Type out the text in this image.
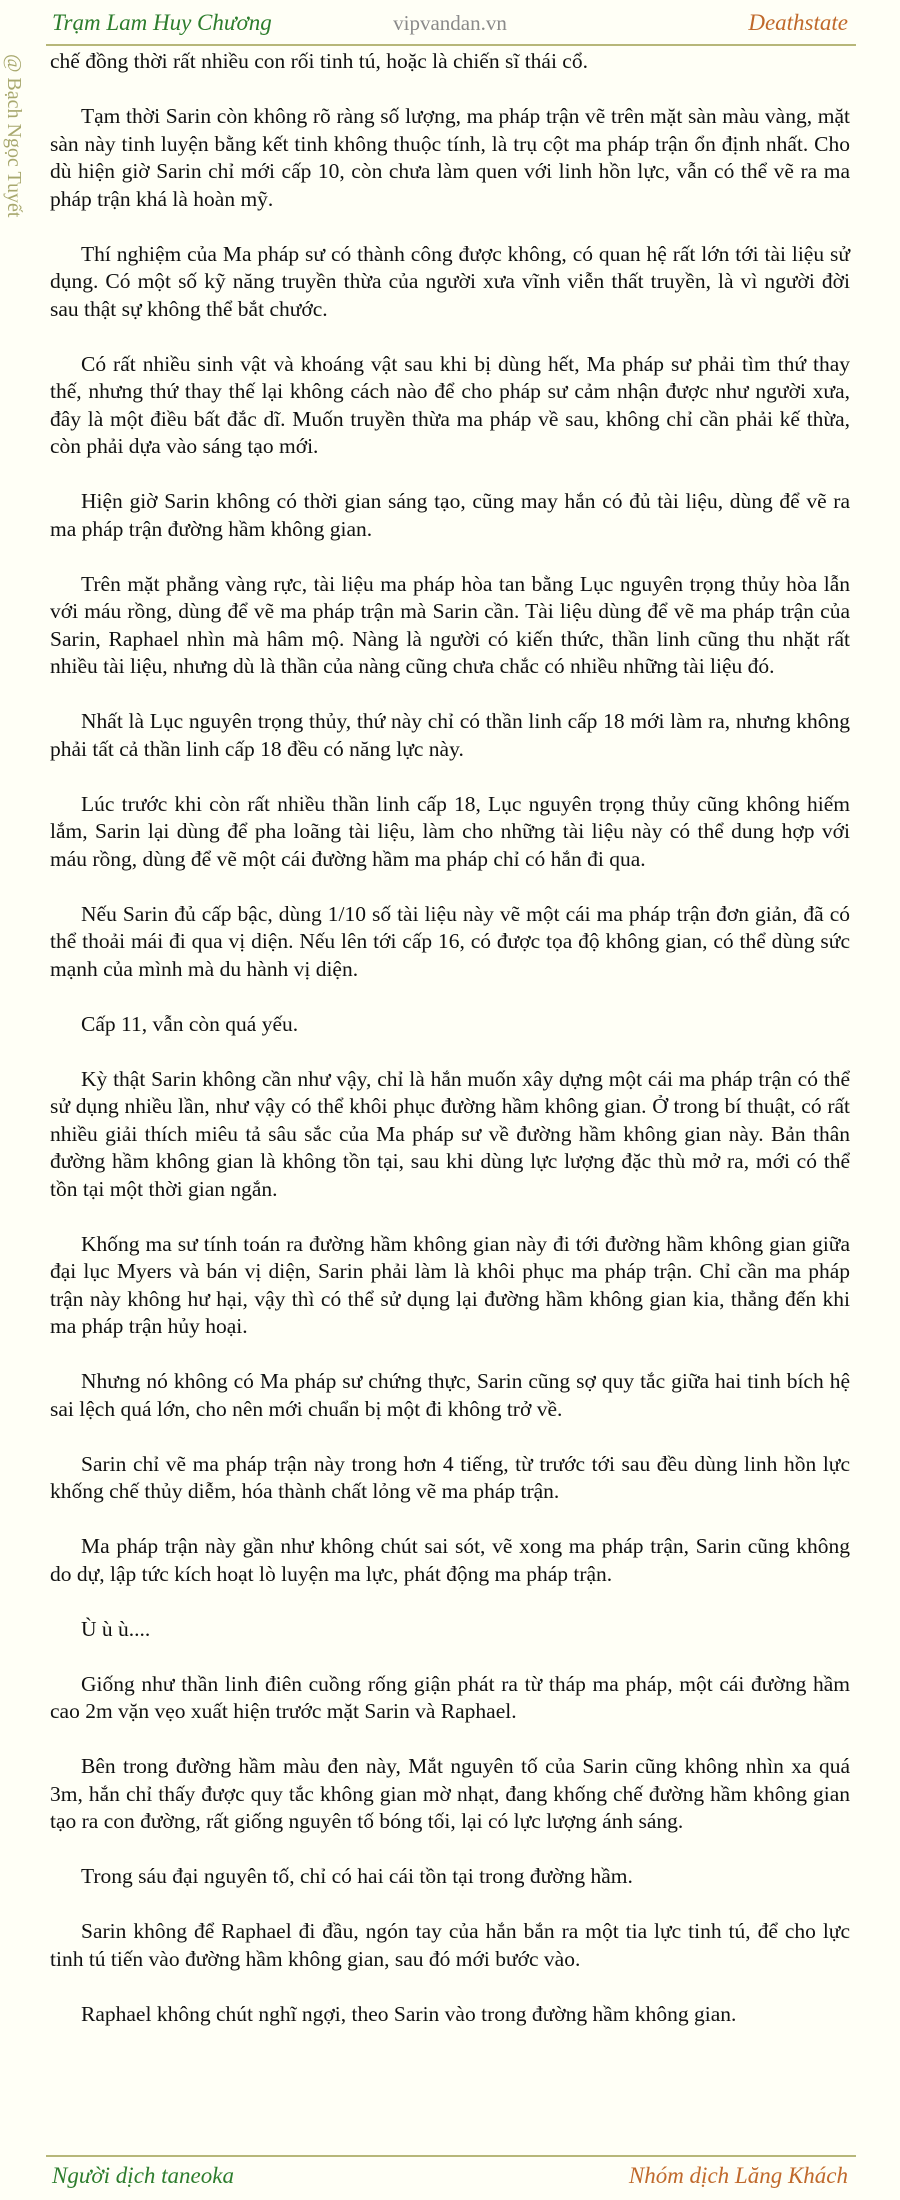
Trạm Lam Huy Chương	vipvandan.vn	Deathstate
@ Bạch Ngọc Tuyết chế đồng thời rất nhiều con rối tinh tú, hoặc là chiến sĩ thái cổ.

Tạm thời Sarin còn không rõ ràng số lượng, ma pháp trận vẽ trên mặt sàn màu vàng, mặt sàn này tinh luyện bằng kết tinh không thuộc tính, là trụ cột ma pháp trận ổn định nhất. Cho dù hiện giờ Sarin chỉ mới cấp 10, còn chưa làm quen với linh hồn lực, vẫn có thể vẽ ra ma pháp trận khá là hoàn mỹ.

Thí nghiệm của Ma pháp sư có thành công được không, có quan hệ rất lớn tới tài liệu sử dụng. Có một số kỹ năng truyền thừa của người xưa vĩnh viễn thất truyền, là vì người đời sau thật sự không thể bắt chước.

Có rất nhiều sinh vật và khoáng vật sau khi bị dùng hết, Ma pháp sư phải tìm thứ thay thế, nhưng thứ thay thế lại không cách nào để cho pháp sư cảm nhận được như người xưa, đây là một điều bất đắc dĩ. Muốn truyền thừa ma pháp về sau, không chỉ cần phải kế thừa, còn phải dựa vào sáng tạo mới.

Hiện giờ Sarin không có thời gian sáng tạo, cũng may hắn có đủ tài liệu, dùng để vẽ ra ma pháp trận đường hầm không gian.

Trên mặt phẳng vàng rực, tài liệu ma pháp hòa tan bằng Lục nguyên trọng thủy hòa lẫn với máu rồng, dùng để vẽ ma pháp trận mà Sarin cần. Tài liệu dùng để vẽ ma pháp trận của Sarin, Raphael nhìn mà hâm mộ. Nàng là người có kiến thức, thần linh cũng thu nhặt rất nhiều tài liệu, nhưng dù là thần của nàng cũng chưa chắc có nhiều những tài liệu đó.

Nhất là Lục nguyên trọng thủy, thứ này chỉ có thần linh cấp 18 mới làm ra, nhưng không phải tất cả thần linh cấp 18 đều có năng lực này.

Lúc trước khi còn rất nhiều thần linh cấp 18, Lục nguyên trọng thủy cũng không hiếm lắm, Sarin lại dùng để pha loãng tài liệu, làm cho những tài liệu này có thể dung hợp với máu rồng, dùng để vẽ một cái đường hầm ma pháp chỉ có hắn đi qua.

Nếu Sarin đủ cấp bậc, dùng 1/10 số tài liệu này vẽ một cái ma pháp trận đơn giản, đã có thể thoải mái đi qua vị diện. Nếu lên tới cấp 16, có được tọa độ không gian, có thể dùng sức mạnh của mình mà du hành vị diện.

Cấp 11, vẫn còn quá yếu.

Kỳ thật Sarin không cần như vậy, chỉ là hắn muốn xây dựng một cái ma pháp trận có thể sử dụng nhiều lần, như vậy có thể khôi phục đường hầm không gian. Ở trong bí thuật, có rất nhiều giải thích miêu tả sâu sắc của Ma pháp sư về đường hầm không gian này. Bản thân đường hầm không gian là không tồn tại, sau khi dùng lực lượng đặc thù mở ra, mới có thể tồn tại một thời gian ngắn.

Khống ma sư tính toán ra đường hầm không gian này đi tới đường hầm không gian giữa đại lục Myers và bán vị diện, Sarin phải làm là khôi phục ma pháp trận. Chỉ cần ma pháp trận này không hư hại, vậy thì có thể sử dụng lại đường hầm không gian kia, thẳng đến khi ma pháp trận hủy hoại.

Nhưng nó không có Ma pháp sư chứng thực, Sarin cũng sợ quy tắc giữa hai tinh bích hệ sai lệch quá lớn, cho nên mới chuẩn bị một đi không trở về.

Sarin chỉ vẽ ma pháp trận này trong hơn 4 tiếng, từ trước tới sau đều dùng linh hồn lực khống chế thủy diễm, hóa thành chất lỏng vẽ ma pháp trận.

Ma pháp trận này gần như không chút sai sót, vẽ xong ma pháp trận, Sarin cũng không do dự, lập tức kích hoạt lò luyện ma lực, phát động ma pháp trận.

Ù ù ù....

Giống như thần linh điên cuồng rống giận phát ra từ tháp ma pháp, một cái đường hầm cao 2m vặn vẹo xuất hiện trước mặt Sarin và Raphael.

Bên trong đường hầm màu đen này, Mắt nguyên tố của Sarin cũng không nhìn xa quá 3m, hắn chỉ thấy được quy tắc không gian mờ nhạt, đang khống chế đường hầm không gian tạo ra con đường, rất giống nguyên tố bóng tối, lại có lực lượng ánh sáng.

Trong sáu đại nguyên tố, chỉ có hai cái tồn tại trong đường hầm.

Sarin không để Raphael đi đầu, ngón tay của hắn bắn ra một tia lực tinh tú, để cho lực tinh tú tiến vào đường hầm không gian, sau đó mới bước vào.

Raphael không chút nghĩ ngợi, theo Sarin vào trong đường hầm không gian.

Người dịch taneoka	Nhóm dịch Lăng Khách
